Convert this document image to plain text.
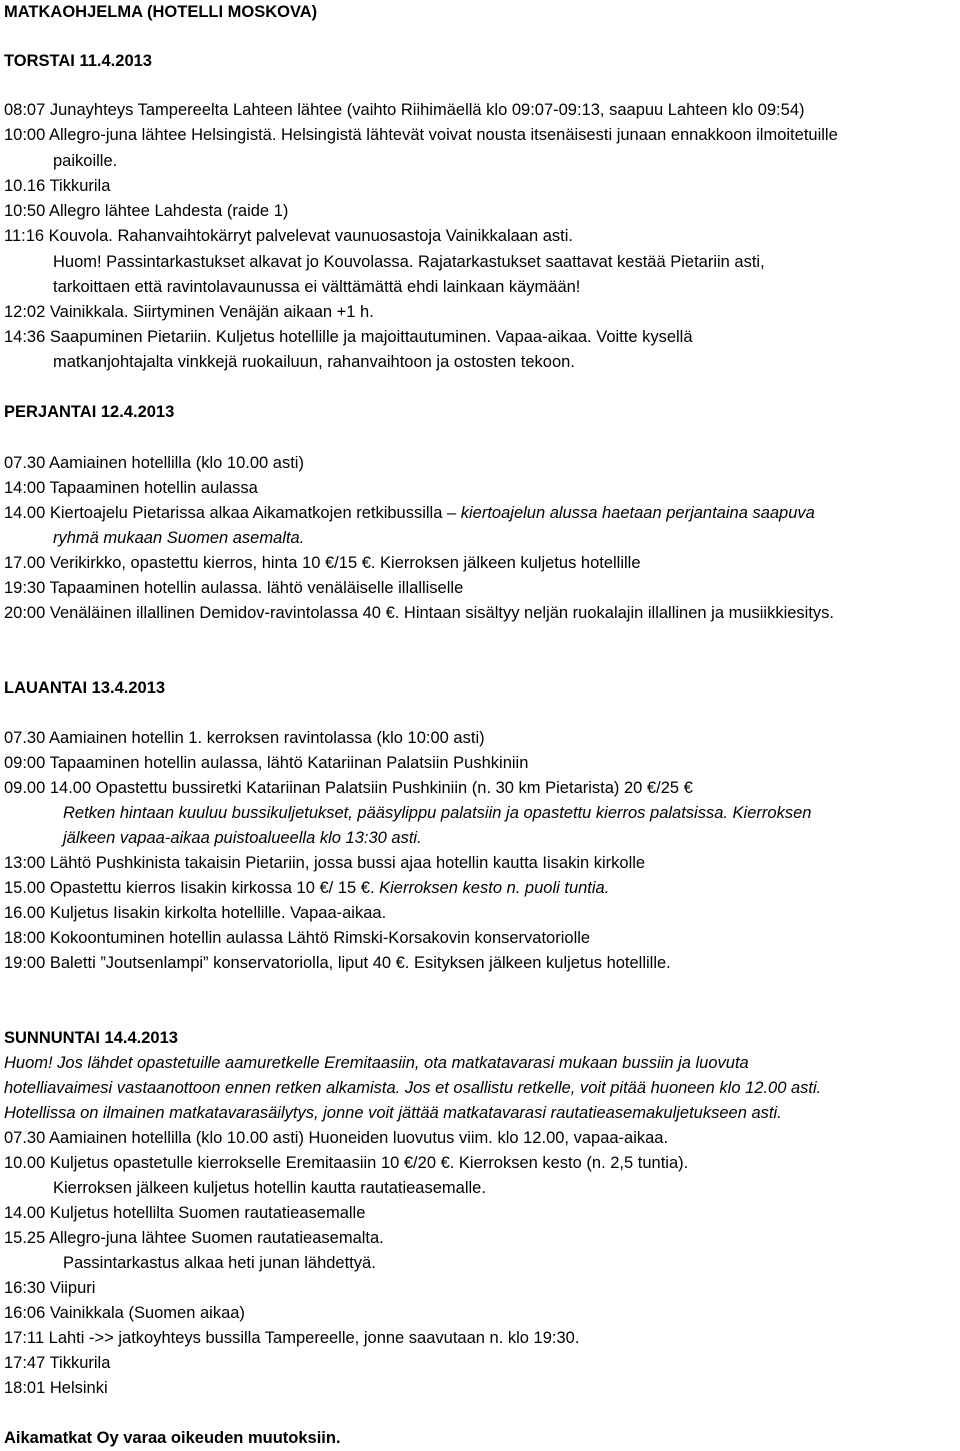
MATKAOHJELMA (HOTELLI MOSKOVA)
TORSTAI 11.4.2013
08:07 Junayhteys Tampereelta Lahteen lähtee (vaihto Riihimäellä klo 09:07-09:13, saapuu Lahteen klo 09:54)
10:00 Allegro-juna lähtee Helsingistä. Helsingistä lähtevät voivat nousta itsenäisesti junaan ennakkoon ilmoitetuille
paikoille.
10.16 Tikkurila
10:50 Allegro lähtee Lahdesta (raide 1)
11:16 Kouvola. Rahanvaihtokärryt palvelevat vaunuosastoja Vainikkalaan asti.
Huom! Passintarkastukset alkavat jo Kouvolassa. Rajatarkastukset saattavat kestää Pietariin asti,
tarkoittaen että ravintolavaunussa ei välttämättä ehdi lainkaan käymään!
12:02 Vainikkala. Siirtyminen Venäjän aikaan +1 h.
14:36 Saapuminen Pietariin. Kuljetus hotellille ja majoittautuminen. Vapaa-aikaa. Voitte kysellä
matkanjohtajalta vinkkejä ruokailuun, rahanvaihtoon ja ostosten tekoon.
PERJANTAI 12.4.2013
07.30 Aamiainen hotellilla (klo 10.00 asti)
14:00 Tapaaminen hotellin aulassa
14.00 Kiertoajelu Pietarissa alkaa Aikamatkojen retkibussilla – kiertoajelun alussa haetaan perjantaina saapuva
ryhmä mukaan Suomen asemalta.
17.00 Verikirkko, opastettu kierros, hinta 10 €/15 €. Kierroksen jälkeen kuljetus hotellille
19:30 Tapaaminen hotellin aulassa. lähtö venäläiselle illalliselle
20:00 Venäläinen illallinen Demidov-ravintolassa 40 €. Hintaan sisältyy neljän ruokalajin illallinen ja musiikkiesitys.
LAUANTAI 13.4.2013
07.30 Aamiainen hotellin 1. kerroksen ravintolassa (klo 10:00 asti)
09:00 Tapaaminen hotellin aulassa, lähtö Katariinan Palatsiin Pushkiniin
09.00 14.00 Opastettu bussiretki Katariinan Palatsiin Pushkiniin (n. 30 km Pietarista) 20 €/25 €
Retken hintaan kuuluu bussikuljetukset, pääsylippu palatsiin ja opastettu kierros palatsissa. Kierroksen
jälkeen vapaa-aikaa puistoalueella klo 13:30 asti.
13:00 Lähtö Pushkinista takaisin Pietariin, jossa bussi ajaa hotellin kautta Iisakin kirkolle
15.00 Opastettu kierros Iisakin kirkossa 10 €/ 15 €. Kierroksen kesto n. puoli tuntia.
16.00 Kuljetus Iisakin kirkolta hotellille. Vapaa-aikaa.
18:00 Kokoontuminen hotellin aulassa Lähtö Rimski-Korsakovin konservatoriolle
19:00 Baletti ”Joutsenlampi” konservatoriolla, liput 40 €. Esityksen jälkeen kuljetus hotellille.
SUNNUNTAI 14.4.2013
Huom! Jos lähdet opastetuille aamuretkelle Eremitaasiin, ota matkatavarasi mukaan bussiin ja luovuta
hotelliavaimesi vastaanottoon ennen retken alkamista. Jos et osallistu retkelle, voit pitää huoneen klo 12.00 asti.
Hotellissa on ilmainen matkatavarasäilytys, jonne voit jättää matkatavarasi rautatieasemakuljetukseen asti.
07.30 Aamiainen hotellilla (klo 10.00 asti) Huoneiden luovutus viim. klo 12.00, vapaa-aikaa.
10.00 Kuljetus opastetulle kierrokselle Eremitaasiin 10 €/20 €. Kierroksen kesto (n. 2,5 tuntia).
Kierroksen jälkeen kuljetus hotellin kautta rautatieasemalle.
14.00 Kuljetus hotellilta Suomen rautatieasemalle
15.25 Allegro-juna lähtee Suomen rautatieasemalta.
Passintarkastus alkaa heti junan lähdettyä.
16:30 Viipuri
16:06 Vainikkala (Suomen aikaa)
17:11 Lahti ->> jatkoyhteys bussilla Tampereelle, jonne saavutaan n. klo 19:30.
17:47 Tikkurila
18:01 Helsinki
Aikamatkat Oy varaa oikeuden muutoksiin.
